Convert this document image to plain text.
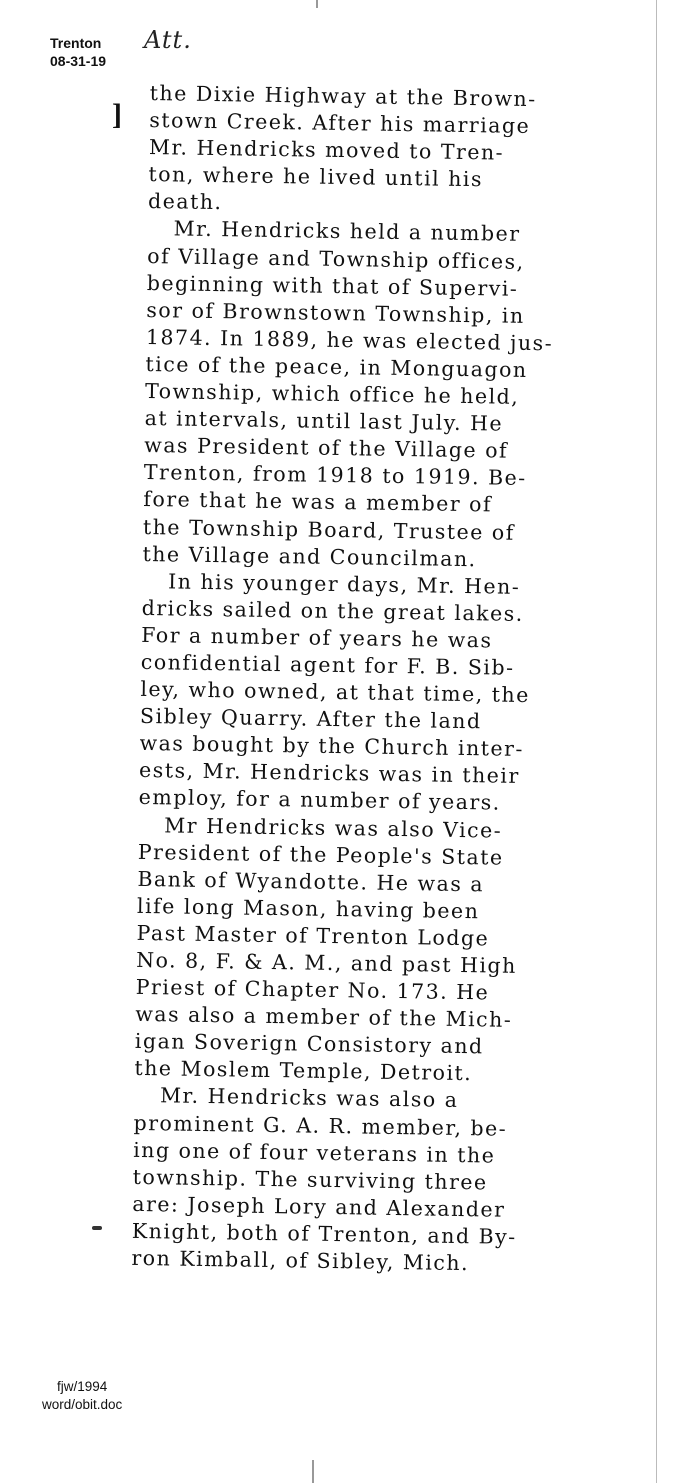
Trenton
08-31-19
Att.
]

the Dixie Highway at the Brown-
stown Creek. After his marriage
Mr. Hendricks moved to Tren-
ton, where he lived until his
death.

Mr. Hendricks held a number
of Village and Township offices,
beginning with that of Supervi-
sor of Brownstown Township, in
1874. In 1889, he was elected jus-
tice of the peace, in Monguagon
Township, which office he held,
at intervals, until last July. He
was President of the Village of
Trenton, from 1918 to 1919. Be-
fore that he was a member of
the Township Board, Trustee of
the Village and Councilman.

In his younger days, Mr. Hen-
dricks sailed on the great lakes.
For a number of years he was
confidential agent for F. B. Sib-
ley, who owned, at that time, the
Sibley Quarry. After the land
was bought by the Church inter-
ests, Mr. Hendricks was in their
employ, for a number of years.

Mr Hendricks was also Vice-
President of the People's State
Bank of Wyandotte. He was a
life long Mason, having been
Past Master of Trenton Lodge
No. 8, F. & A. M., and past High
Priest of Chapter No. 173. He
was also a member of the Mich-
igan Soverign Consistory and
the Moslem Temple, Detroit.

Mr. Hendricks was also a
prominent G. A. R. member, be-
ing one of four veterans in the
township. The surviving three
are: Joseph Lory and Alexander
Knight, both of Trenton, and By-
ron Kimball, of Sibley, Mich.

fjw/1994
word/obit.doc
